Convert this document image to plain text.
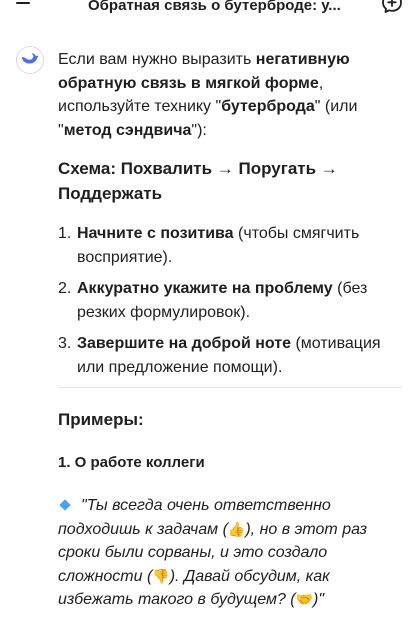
Обратная связь о бутерброде: у...

Если вам нужно выразить негативную обратную связь в мягкой форме, используйте технику "бутерброда" (или "метод сэндвича"):

Схема: Похвалить → Поругать → Поддержать
1. Начните с позитива (чтобы смягчить восприятие).
2. Аккуратно укажите на проблему (без резких формулировок).
3. Завершите на доброй ноте (мотивация или предложение помощи).
Примеры:
1. О работе коллеги

"Ты всегда очень ответственно подходишь к задачам (👍), но в этот раз сроки были сорваны, и это создало сложности (👎). Давай обсудим, как избежать такого в будущем? (🤝)"
